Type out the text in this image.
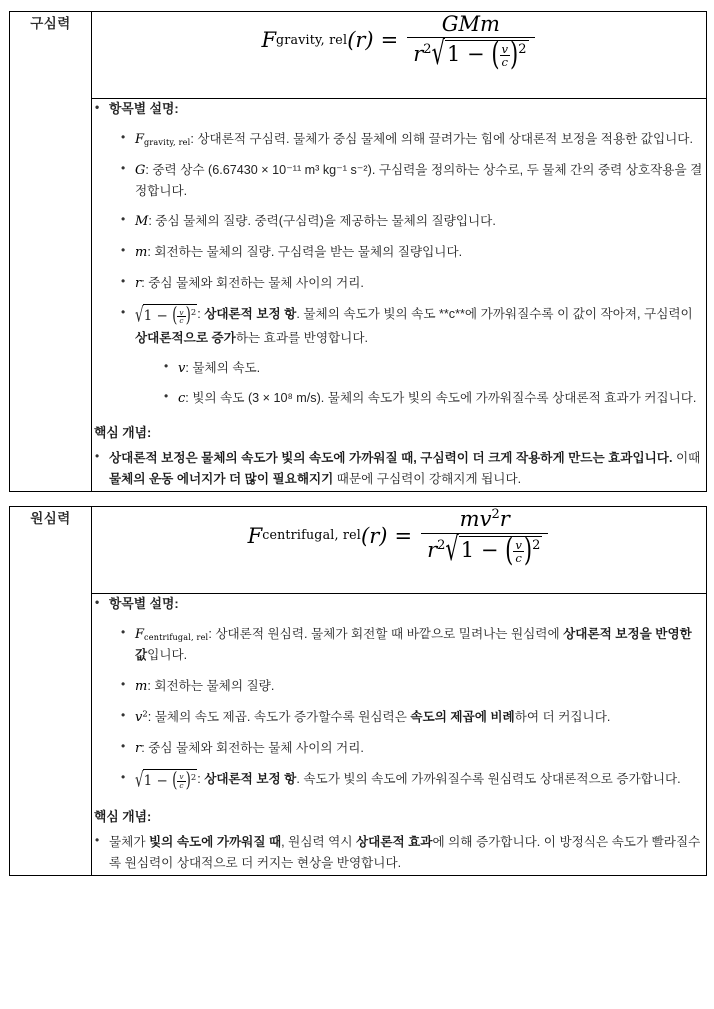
구심력	
F gravity, rel $(r) = \frac{\text{GMm}}{r^2√1 - ( \frac{v}{c} )^2}$

• 항목별 설명:
• $F_{gravity, rel}$: 상대론적 구심력. 물체가 중심 물체에 의해 끌려가는 힘에 상대론적 보정을 적용한 값입니다.
• G: 중력 상수 (6.67430 × 10⁻¹¹ m³ kg⁻¹ s⁻²). 구심력을 정의하는 상수로, 두 물체 간의 중력 상호작용을 결정합니다.
• M: 중심 물체의 질량. 중력(구심력)을 제공하는 물체의 질량입니다.
• m: 회전하는 물체의 질량. 구심력을 받는 물체의 질량입니다.
• r: 중심 물체와 회전하는 물체 사이의 거리.
• √1 − ( $\frac{v}{c} )^2$: 상대론적 보정 항. 물체의 속도가 빛의 속도 **c**에 가까워질수록 이 값이 작아져, 구심력이 상대론적으로 증가하는 효과를 반영합니다.
• v: 물체의 속도.
• c: 빛의 속도 (3 × 10⁸ m/s). 물체의 속도가 빛의 속도에 가까워질수록 상대론적 효과가 커집니다.
핵심 개념:
• 상대론적 보정은 물체의 속도가 빛의 속도에 가까워질 때, 구심력이 더 크게 작용하게 만드는 효과입니다. 이때 물체의 운동 에너지가 더 많이 필요해지기 때문에 구심력이 강해지게 됩니다.
원심력	
F centrifugal, rel $(r) = \frac{mv^2r}{r^2√1 - ( \frac{v}{c} )^2}$

• 항목별 설명:
• $F_{centrifugal, rel}$: 상대론적 원심력. 물체가 회전할 때 바깥으로 밀려나는 원심력에 상대론적 보정을 반영한 값입니다.
• m: 회전하는 물체의 질량.
• $v^2$: 물체의 속도 제곱. 속도가 증가할수록 원심력은 속도의 제곱에 비례하여 더 커집니다.
• r: 중심 물체와 회전하는 물체 사이의 거리.
• √1 − ( $\frac{v}{c} )^2$: 상대론적 보정 항. 속도가 빛의 속도에 가까워질수록 원심력도 상대론적으로 증가합니다.
핵심 개념:
• 물체가 빛의 속도에 가까워질 때, 원심력 역시 상대론적 효과에 의해 증가합니다. 이 방정식은 속도가 빨라질수록 원심력이 상대적으로 더 커지는 현상을 반영합니다.
